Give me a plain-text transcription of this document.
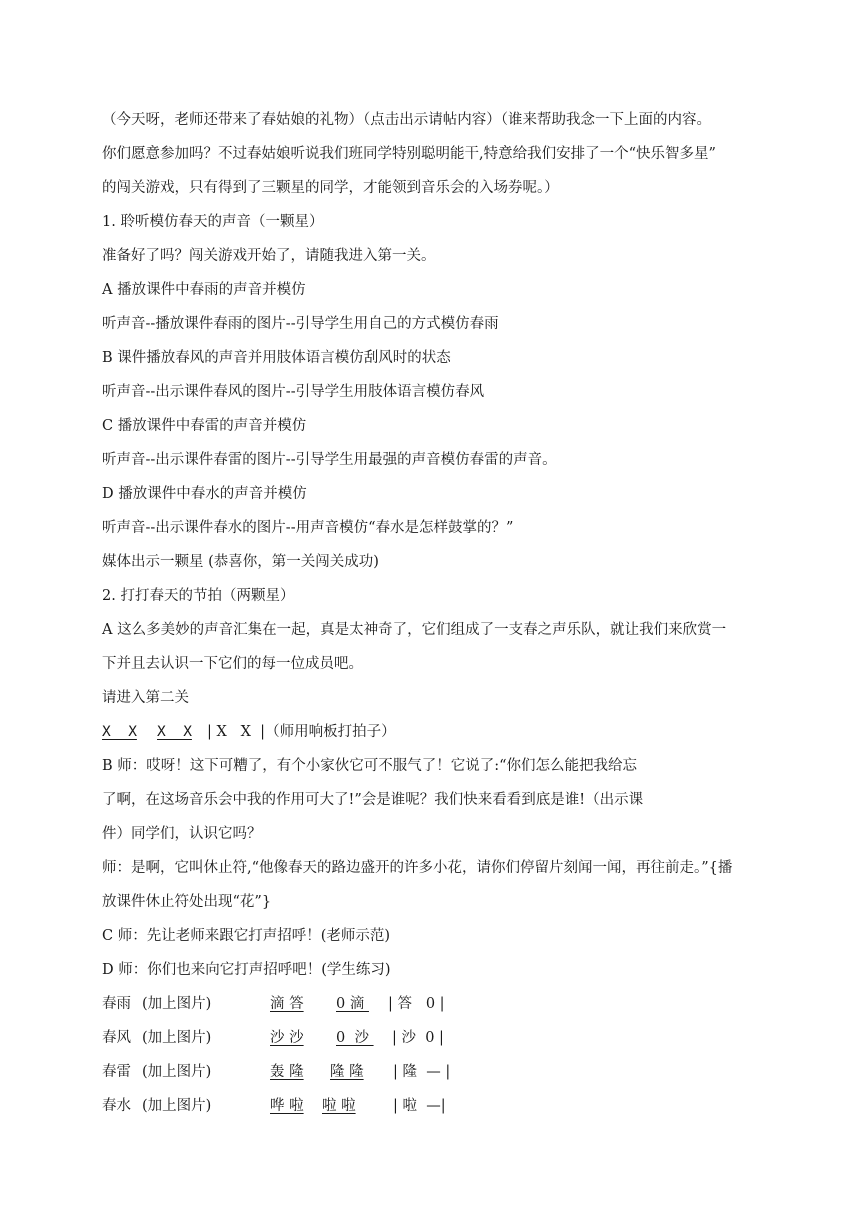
（今天呀，老师还带来了春姑娘的礼物）（点击出示请帖内容）（谁来帮助我念一下上面的内容。
你们愿意参加吗？不过春姑娘听说我们班同学特别聪明能干,特意给我们安排了一个“快乐智多星”
的闯关游戏，只有得到了三颗星的同学，才能领到音乐会的入场券呢。）
1. 聆听模仿春天的声音（一颗星）
准备好了吗？闯关游戏开始了，请随我进入第一关。
A 播放课件中春雨的声音并模仿
听声音--播放课件春雨的图片--引导学生用自己的方式模仿春雨
B 课件播放春风的声音并用肢体语言模仿刮风时的状态
听声音--出示课件春风的图片--引导学生用肢体语言模仿春风
C 播放课件中春雷的声音并模仿
听声音--出示课件春雷的图片--引导学生用最强的声音模仿春雷的声音。
D 播放课件中春水的声音并模仿
听声音--出示课件春水的图片--用声音模仿“春水是怎样鼓掌的？”
媒体出示一颗星 (恭喜你，第一关闯关成功)
2. 打打春天的节拍（两颗星）
A 这么多美妙的声音汇集在一起，真是太神奇了，它们组成了一支春之声乐队，就让我们来欣赏一
下并且去认识一下它们的每一位成员吧。
请进入第二关
X  X X  X | X   X  |（师用响板打拍子）
B 师：哎呀！这下可糟了，有个小家伙它可不服气了！它说了:“你们怎么能把我给忘
了啊，在这场音乐会中我的作用可大了!”会是谁呢？我们快来看看到底是谁!（出示课
件）同学们，认识它吗？
师：是啊，它叫休止符,“他像春天的路边盛开的许多小花，请你们停留片刻闻一闻，再往前走。”{播
放课件休止符处出现“花”}
C 师：先让老师来跟它打声招呼！(老师示范)
D 师：你们也来向它打声招呼吧！(学生练习)
春雨 (加上图片)	滴 答 0 滴 | 答   0 |
春风 (加上图片)	沙 沙 0  沙 | 沙  0 |
春雷 (加上图片)	轰 隆 隆 隆 | 隆  — |
春水 (加上图片)	哗 啦 啦 啦	| 啦  —|
